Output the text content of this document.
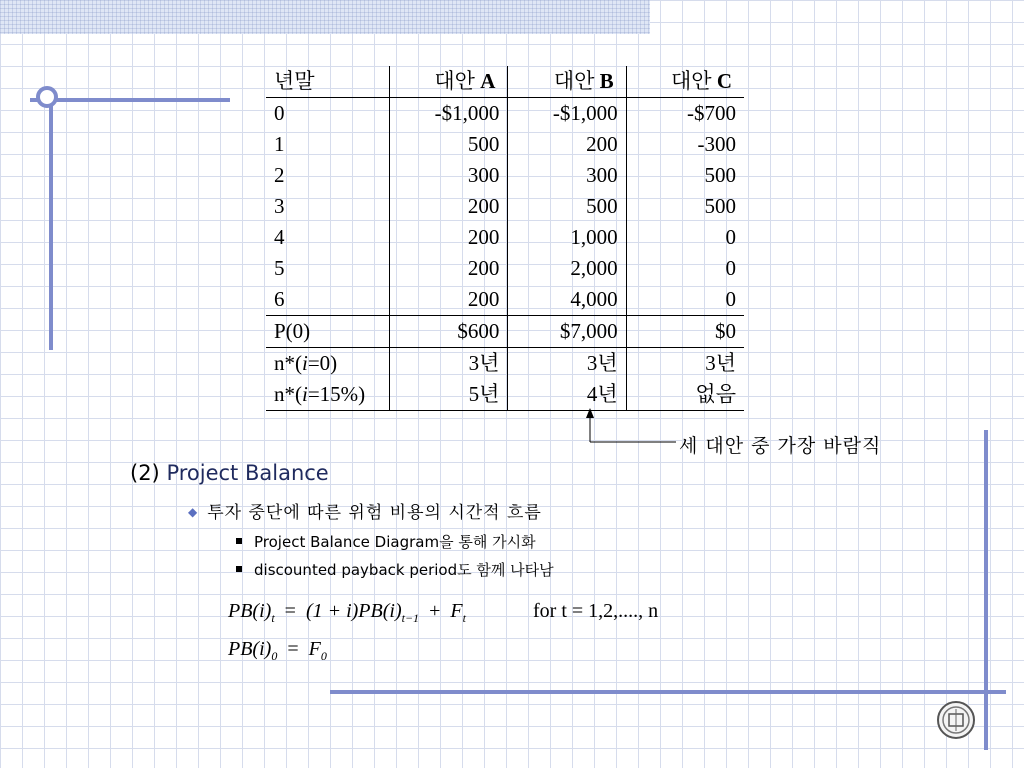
년말	대안 A	대안 B	대안 C
0	-$1,000	-$1,000	-$700
1	500	200	-300
2	300	300	500
3	200	500	500
4	200	1,000	0
5	200	2,000	0
6	200	4,000	0
P(0)	$600	$7,000	$0
n*(i=0)	3년	3년	3년
n*(i=15%)	5년	4년	없음
세 대안 중 가장 바람직
(2) Project Balance
◆ 투자 중단에 따른 위험 비용의 시간적 흐름
Project Balance Diagram을 통해 가시화
discounted payback period도 함께 나타남
$PB(i)_t = (1 + i)PB(i)_{t-1} + F_t$	for t = 1,2,...., n
$PB(i)_0 = F_0$
